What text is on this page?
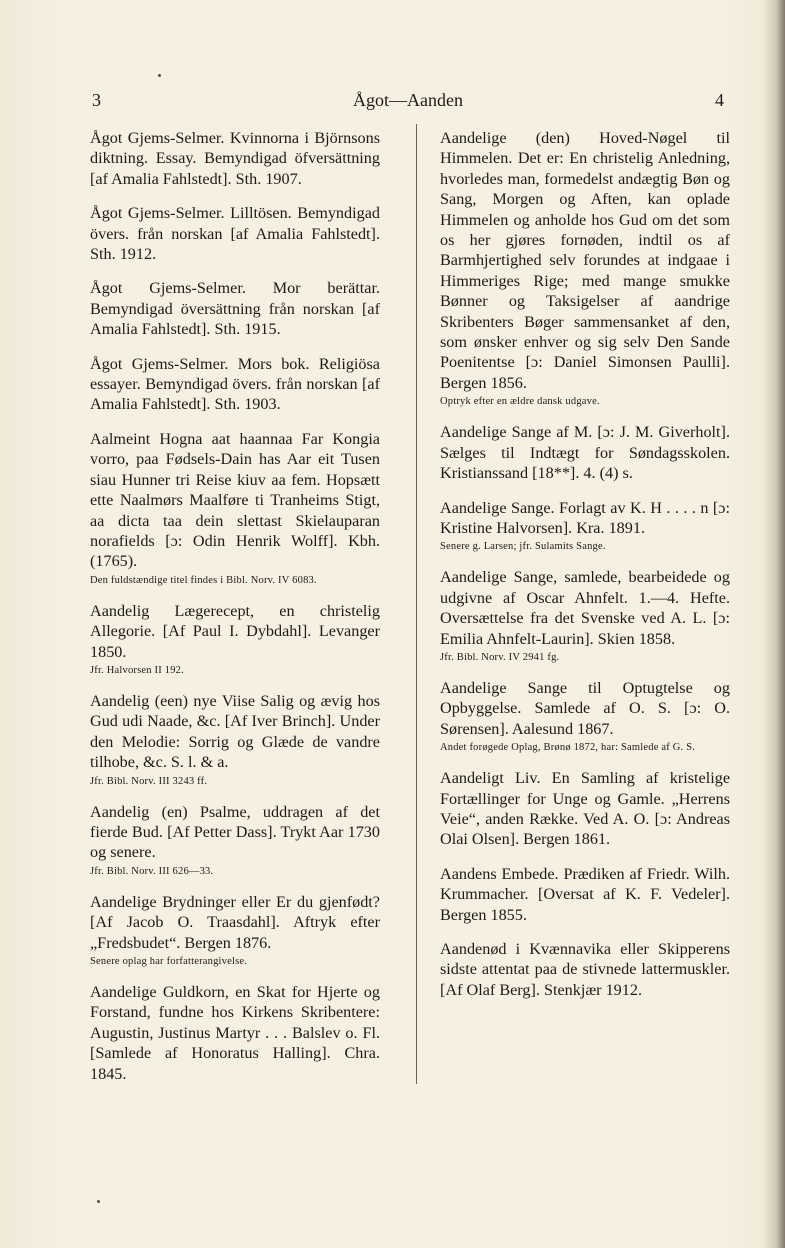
3	Ågot—Aanden	4
Ågot Gjems-Selmer. Kvinnorna i Björnsons diktning. Essay. Bemyndigad öfversättning [af Amalia Fahlstedt]. Sth. 1907.
Ågot Gjems-Selmer. Lilltösen. Bemyndigad övers. från norskan [af Amalia Fahlstedt]. Sth. 1912.
Ågot Gjems-Selmer. Mor berättar. Bemyndigad översättning från norskan [af Amalia Fahlstedt]. Sth. 1915.
Ågot Gjems-Selmer. Mors bok. Religiösa essayer. Bemyndigad övers. från norskan [af Amalia Fahlstedt]. Sth. 1903.
Aalmeint Hogna aat haannaa Far Kongia vorro, paa Fødsels-Dain has Aar eit Tusen siau Hunner tri Reise kiuv aa fem. Hopsætt ette Naalmørs Maalføre ti Tranheims Stigt, aa dicta taa dein slettast Skielauparan norafields [ɔ: Odin Henrik Wolff]. Kbh. (1765).
Den fuldstændige titel findes i Bibl. Norv. IV 6083.
Aandelig Lægerecept, en christelig Allegorie. [Af Paul I. Dybdahl]. Levanger 1850.
Jfr. Halvorsen II 192.
Aandelig (een) nye Viise Salig og ævig hos Gud udi Naade, &c. [Af Iver Brinch]. Under den Melodie: Sorrig og Glæde de vandre tilhobe, &c. S. l. & a.
Jfr. Bibl. Norv. III 3243 ff.
Aandelig (en) Psalme, uddragen af det fierde Bud. [Af Petter Dass]. Trykt Aar 1730 og senere.
Jfr. Bibl. Norv. III 626—33.
Aandelige Brydninger eller Er du gjenfødt? [Af Jacob O. Traasdahl]. Aftryk efter „Fredsbudet“. Bergen 1876.
Senere oplag har forfatterangivelse.
Aandelige Guldkorn, en Skat for Hjerte og Forstand, fundne hos Kirkens Skribentere: Augustin, Justinus Martyr . . . Balslev o. Fl. [Samlede af Honoratus Halling]. Chra. 1845.
Aandelige (den) Hoved-Nøgel til Himmelen. Det er: En christelig Anledning, hvorledes man, formedelst andægtig Bøn og Sang, Morgen og Aften, kan oplade Himmelen og anholde hos Gud om det som os her gjøres fornøden, indtil os af Barmhjertighed selv forundes at indgaae i Himmeriges Rige; med mange smukke Bønner og Taksigelser af aandrige Skribenters Bøger sammensanket af den, som ønsker enhver og sig selv Den Sande Poenitentse [ɔ: Daniel Simonsen Paulli]. Bergen 1856.
Optryk efter en ældre dansk udgave.
Aandelige Sange af M. [ɔ: J. M. Giverholt]. Sælges til Indtægt for Søndagsskolen. Kristianssand [18**]. 4. (4) s.
Aandelige Sange. Forlagt av K. H . . . . n [ɔ: Kristine Halvorsen]. Kra. 1891.
Senere g. Larsen; jfr. Sulamits Sange.
Aandelige Sange, samlede, bearbeidede og udgivne af Oscar Ahnfelt. 1.—4. Hefte. Oversættelse fra det Svenske ved A. L. [ɔ: Emilia Ahnfelt-Laurin]. Skien 1858.
Jfr. Bibl. Norv. IV 2941 fg.
Aandelige Sange til Optugtelse og Opbyggelse. Samlede af O. S. [ɔ: O. Sørensen]. Aalesund 1867.
Andet forøgede Oplag, Brønø 1872, har: Samlede af G. S.
Aandeligt Liv. En Samling af kristelige Fortællinger for Unge og Gamle. „Herrens Veie“, anden Række. Ved A. O. [ɔ: Andreas Olai Olsen]. Bergen 1861.
Aandens Embede. Prædiken af Friedr. Wilh. Krummacher. [Oversat af K. F. Vedeler]. Bergen 1855.
Aandenød i Kvænnavika eller Skipperens sidste attentat paa de stivnede lattermuskler. [Af Olaf Berg]. Stenkjær 1912.
